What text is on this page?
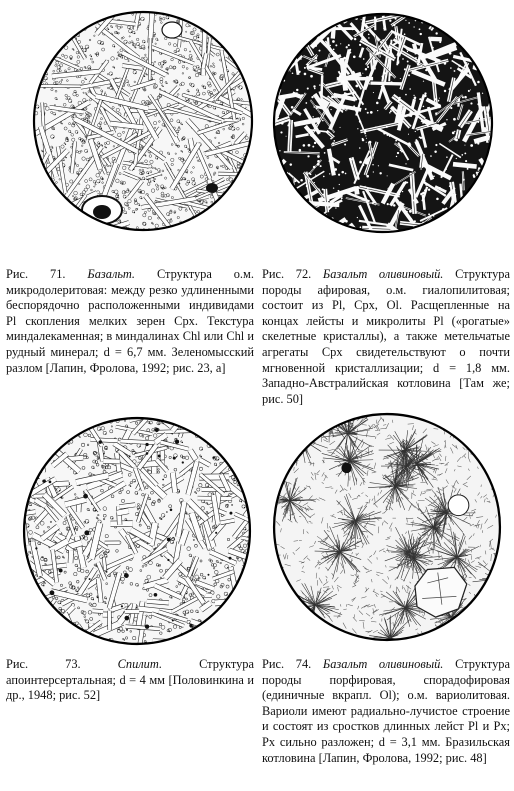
Рис. 71. Базальт. Структура о.м. микродолеритовая: между резко удлиненными беспорядочно расположенными индивидами Pl скопления мелких зерен Срх. Текстура миндалекаменная; в миндалинах Chl или Chl и рудный минерал; d = 6,7 мм. Зеленомысский разлом [Лапин, Фролова, 1992; рис. 23, а]
Рис. 72. Базальт оливиновый. Структура породы афировая, о.м. гиалопилитовая; состоит из Pl, Срх, Ol. Расщепленные на концах лейсты и микролиты Pl («рогатые» скелетные кристаллы), а также метельчатые агрегаты Срх свидетельствуют о почти мгновенной кристаллизации; d = 1,8 мм. Западно-Австралийская котловина [Там же; рис. 50]
Рис. 73.	Спилит.	Структура апоинтерсертальная; d = 4 мм [Половинкина и др., 1948; рис. 52]
Рис. 74. Базальт оливиновый. Структура породы порфировая, спорадофировая (единичные вкрапл. Ol); о.м. вариолитовая. Вариоли имеют радиально-лучистое строение и состоят из сростков длинных лейст Pl и Px; Px сильно разложен; d = 3,1 мм. Бразильская котловина [Лапин, Фролова, 1992; рис. 48]
